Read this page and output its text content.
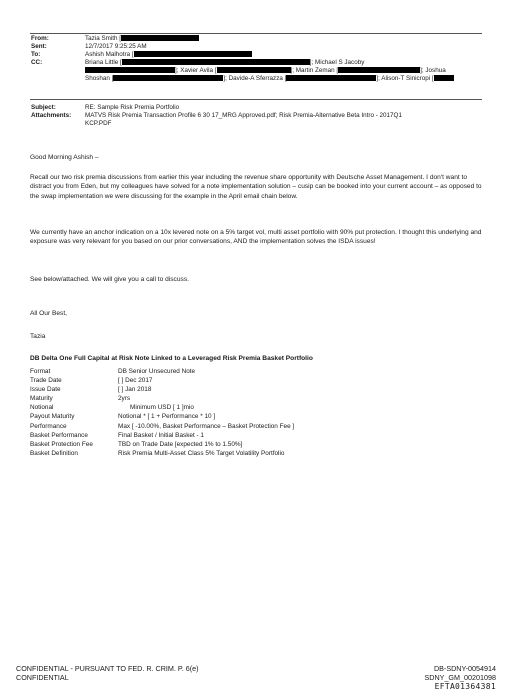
From:	Tazia Smith [
Sent:	12/7/2017 9:25:25 AM
To:	Ashish Malhotra [
CC:	Briana Little [	]; Michael S Jacoby
]; Xavier Avila [	]; Martin Zeman [	]; Joshua
Shoshan [	]; Davide-A Sferrazza [	]; Alison-T Sinicropi [
Subject:	RE: Sample Risk Premia Portfolio
Attachments: MATVS Risk Premia Transaction Profile 6 30 17_MRG Approved.pdf; Risk Premia-Alternative Beta Intro - 2017Q1
KCP.PDF

Good Morning Ashish –

Recall our two risk premia discussions from earlier this year including the revenue share opportunity with Deutsche Asset Management. I don't want to distract you from Eden, but my colleagues have solved for a note implementation solution – cusip can be booked into your current account – as opposed to the swap implementation we were discussing for the example in the April email chain below.

We currently have an anchor indication on a 10x levered note on a 5% target vol, multi asset portfolio with 90% put protection. I thought this underlying and exposure was very relevant for you based on our prior conversations, AND the implementation solves the ISDA issues!

See below/attached. We will give you a call to discuss.

All Our Best,

Tazia

DB Delta One Full Capital at Risk Note Linked to a Leveraged Risk Premia Basket Portfolio
Format	DB Senior Unsecured Note
Trade Date	[ ] Dec 2017
Issue Date	[ ] Jan 2018
Maturity	2yrs
Notional	Minimum USD [ 1 ]mio
Payout Maturity	Notional * [ 1 + Performance * 10 ]
Performance	Max [ -10.00%, Basket Performance – Basket Protection Fee ]
Basket Performance	Final Basket / Initial Basket - 1
Basket Protection Fee	TBD on Trade Date [expected 1% to 1.50%]
Basket Definition	Risk Premia Multi-Asset Class 5% Target Volatility Portfolio
CONFIDENTIAL - PURSUANT TO FED. R. CRIM. P. 6(e)
CONFIDENTIAL
DB-SDNY-0054914
SDNY_GM_00201098
EFTA01364381
